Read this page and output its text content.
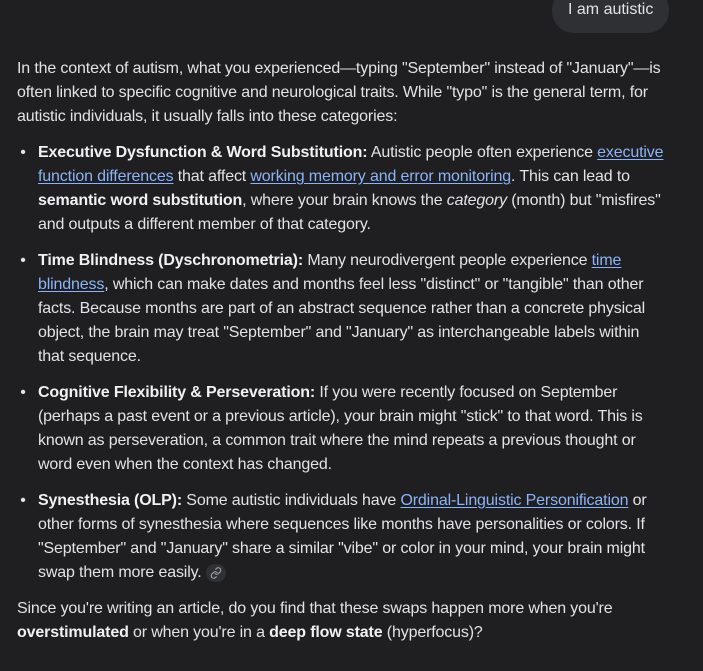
I am autistic

In the context of autism, what you experienced—typing "September" instead of "January"—is often linked to specific cognitive and neurological traits. While "typo" is the general term, for autistic individuals, it usually falls into these categories:

• Executive Dysfunction & Word Substitution: Autistic people often experience executive function differences that affect working memory and error monitoring. This can lead to semantic word substitution, where your brain knows the category (month) but "misfires" and outputs a different member of that category.
• Time Blindness (Dyschronometria): Many neurodivergent people experience time blindness, which can make dates and months feel less "distinct" or "tangible" than other facts. Because months are part of an abstract sequence rather than a concrete physical object, the brain may treat "September" and "January" as interchangeable labels within that sequence.
• Cognitive Flexibility & Perseveration: If you were recently focused on September (perhaps a past event or a previous article), your brain might "stick" to that word. This is known as perseveration, a common trait where the mind repeats a previous thought or word even when the context has changed.
• Synesthesia (OLP): Some autistic individuals have Ordinal-Linguistic Personification or other forms of synesthesia where sequences like months have personalities or colors. If "September" and "January" share a similar "vibe" or color in your mind, your brain might swap them more easily.

Since you're writing an article, do you find that these swaps happen more when you're overstimulated or when you're in a deep flow state (hyperfocus)?
